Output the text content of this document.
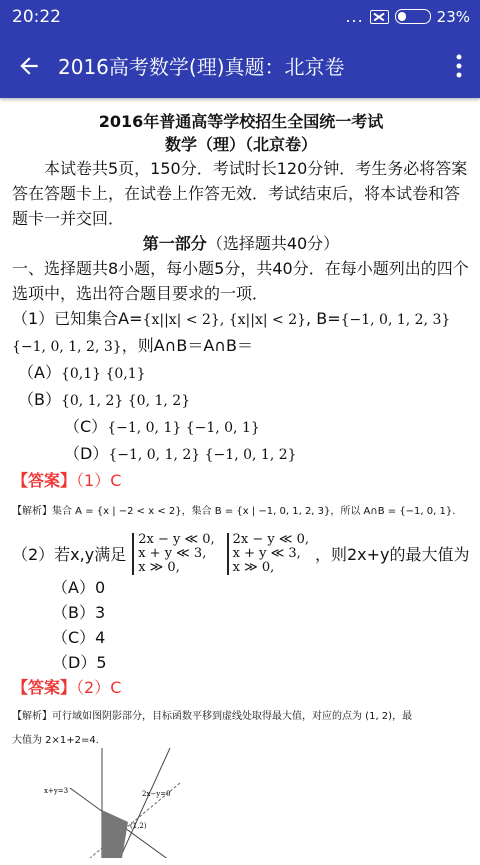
20:22	...	23%
2016高考数学(理)真题：北京卷
2016年普通高等学校招生全国统一考试
数学（理）（北京卷）
本试卷共5页，150分．考试时长120分钟．考生务必将答案答在答题卡上，在试卷上作答无效．考试结束后，将本试卷和答题卡一并交回．
第一部分（选择题共40分）
一、选择题共8小题，每小题5分，共40分．在每小题列出的四个选项中，选出符合题目要求的一项．
（1）已知集合A={x||x| < 2}, {x||x| < 2}, B={−1, 0, 1, 2, 3}
{−1, 0, 1, 2, 3}，则A∩B＝A∩B＝
（A）{0,1} {0,1}
（B）{0, 1, 2} {0, 1, 2}
（C）{−1, 0, 1} {−1, 0, 1}
（D）{−1, 0, 1, 2} {−1, 0, 1, 2}
【答案】（1）C
【解析】集合 A = {x | −2 < x < 2}，集合 B = {x | −1, 0, 1, 2, 3}，所以 A∩B = {−1, 0, 1}.
（2）若x,y满足
2x − y ≪ 0,
x + y ≪ 3,
x ≫ 0,
2x − y ≪ 0,
x + y ≪ 3,
x ≫ 0,
，则2x+y的最大值为
（A）0
（B）3
（C）4
（D）5
【答案】（2）C
【解析】可行域如图阴影部分，目标函数平移到虚线处取得最大值，对应的点为 (1, 2)，最
大值为 2×1+2=4.
x+y=3	2x−y=0
(1,2)
